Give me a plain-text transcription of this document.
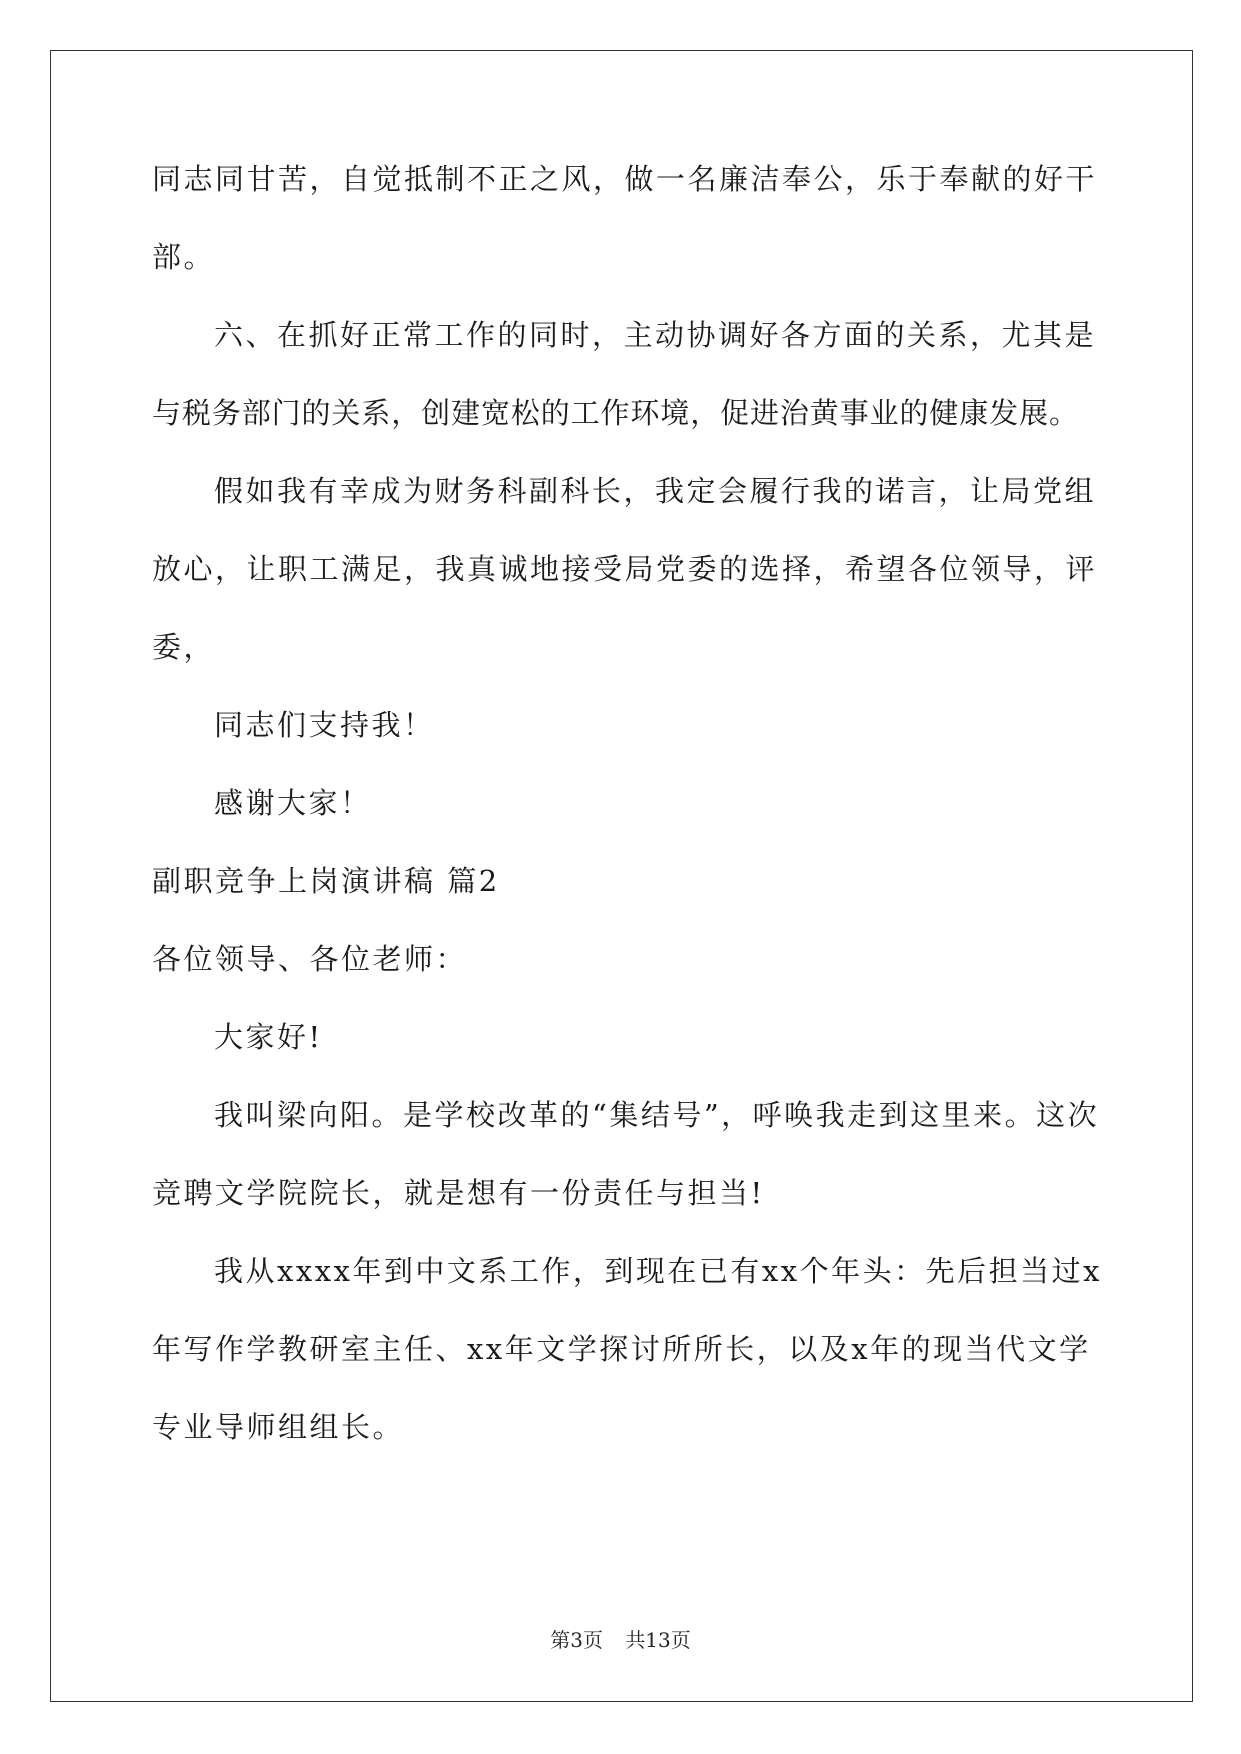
同志同甘苦，自觉抵制不正之风，做一名廉洁奉公，乐于奉献的好干
部。
六、在抓好正常工作的同时，主动协调好各方面的关系，尤其是
与税务部门的关系，创建宽松的工作环境，促进治黄事业的健康发展。
假如我有幸成为财务科副科长，我定会履行我的诺言，让局党组
放心，让职工满足，我真诚地接受局党委的选择，希望各位领导，评
委，
同志们支持我！
感谢大家！
副职竞争上岗演讲稿 篇2
各位领导、各位老师：
大家好!
我叫梁向阳。是学校改革的“集结号”，呼唤我走到这里来。这次
竞聘文学院院长，就是想有一份责任与担当!
我从xxxx年到中文系工作，到现在已有xx个年头：先后担当过x
年写作学教研室主任、xx年文学探讨所所长，以及x年的现当代文学
专业导师组组长。
第3页 共13页
